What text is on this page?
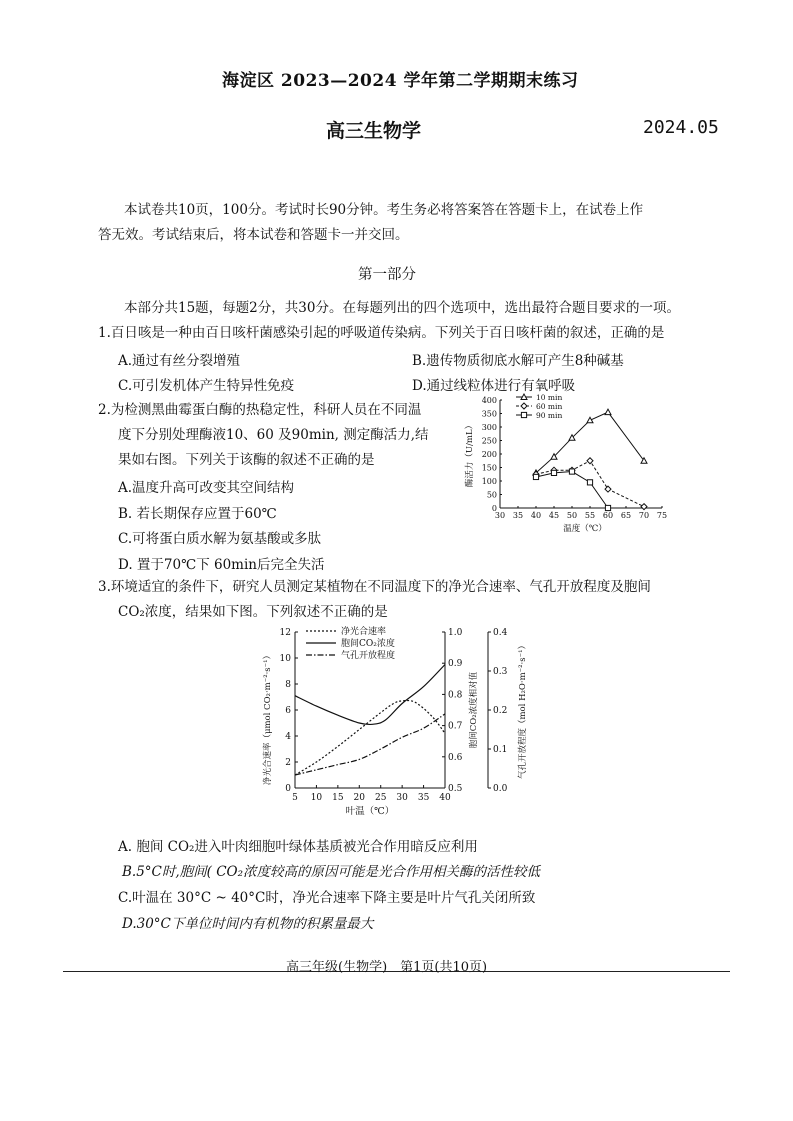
海淀区 2023—2024 学年第二学期期末练习
高三生物学	2024.05
本试卷共10页，100分。考试时长90分钟。考生务必将答案答在答题卡上，在试卷上作
答无效。考试结束后，将本试卷和答题卡一并交回。
第一部分
本部分共15题，每题2分，共30分。在每题列出的四个选项中，选出最符合题目要求的一项。
1.百日咳是一种由百日咳杆菌感染引起的呼吸道传染病。下列关于百日咳杆菌的叙述，正确的是
A.通过有丝分裂增殖	B.遗传物质彻底水解可产生8种碱基
C.可引发机体产生特异性免疫	D.通过线粒体进行有氧呼吸
2.为检测黑曲霉蛋白酶的热稳定性，科研人员在不同温
度下分别处理酶液10、60 及90min, 测定酶活力,结
果如右图。下列关于该酶的叙述不正确的是
A.温度升高可改变其空间结构
B. 若长期保存应置于60℃
C.可将蛋白质水解为氨基酸或多肽
D. 置于70℃下 60min后完全失活
30 35 40 45 50 55 60 65 70 75
0
50
100
150
200
250
300
350
400
温度（℃）
酶活力（U/mL）
10 min
60 min
90 min
3.环境适宜的条件下，研究人员测定某植物在不同温度下的净光合速率、气孔开放程度及胞间
CO₂浓度，结果如下图。下列叙述不正确的是
5 10 15 20 25 30 35 40
0
2
4
6
8
10
12
0.5
0.6
0.7
0.8
0.9
1.0
0.0
0.1
0.2
0.3
0.4
叶温（℃）
净光合速率（μmol CO₂·m⁻²·s⁻¹）	胞间CO₂浓度相对值	气孔开放程度（mol H₂O·m⁻²·s⁻¹）
净光合速率
胞间CO₂浓度
气孔开放程度
A. 胞间 CO₂进入叶肉细胞叶绿体基质被光合作用暗反应利用
B.5°C时,胞间( CO₂浓度较高的原因可能是光合作用相关酶的活性较低
C.叶温在 30°C ~ 40°C时，净光合速率下降主要是叶片气孔关闭所致
D.30°C下单位时间内有机物的积累量最大
高三年级(生物学)　第1页(共10页)
